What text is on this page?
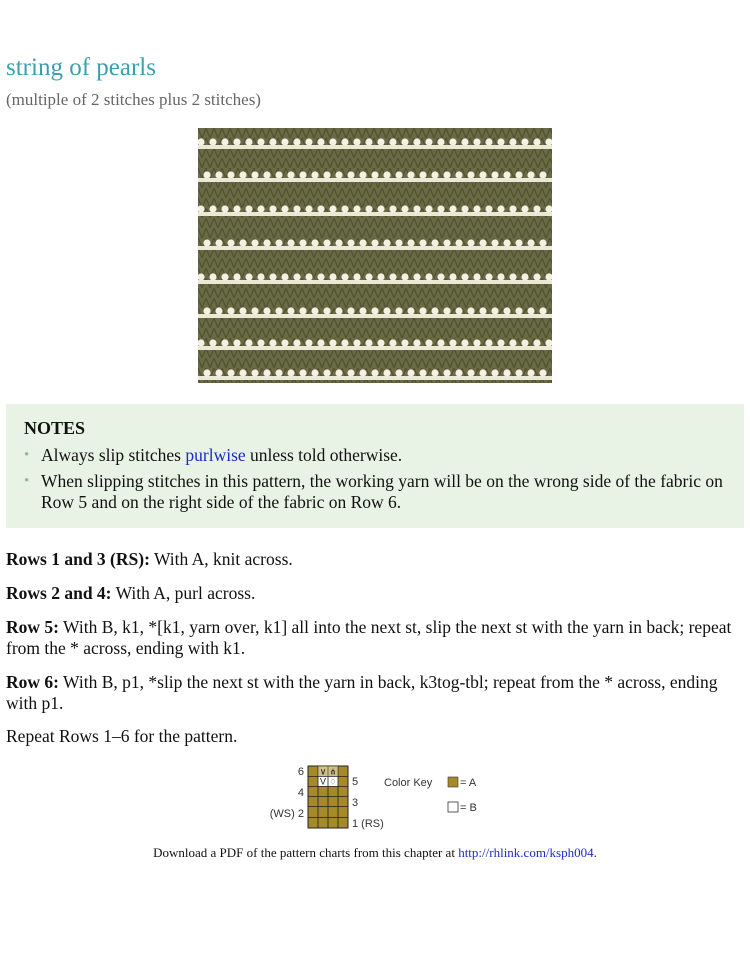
string of pearls
(multiple of 2 stitches plus 2 stitches)
NOTES
• Always slip stitches purlwise unless told otherwise.
• When slipping stitches in this pattern, the working yarn will be on the wrong side of the fabric on Row 5 and on the right side of the fabric on Row 6.
Rows 1 and 3 (RS): With A, knit across.
Rows 2 and 4: With A, purl across.
Row 5: With B, k1, *[k1, yarn over, k1] all into the next st, slip the next st with the yarn in back; repeat from the * across, ending with k1.
Row 6: With B, p1, *slip the next st with the yarn in back, k3tog-tbl; repeat from the * across, ending with p1.
Repeat Rows 1–6 for the pattern.
6
4
(WS) 2
∨
V
⋔
♢ 5
3
1 (RS)
Color Key	= A
= B
Download a PDF of the pattern charts from this chapter at http://rhlink.com/ksph004.
